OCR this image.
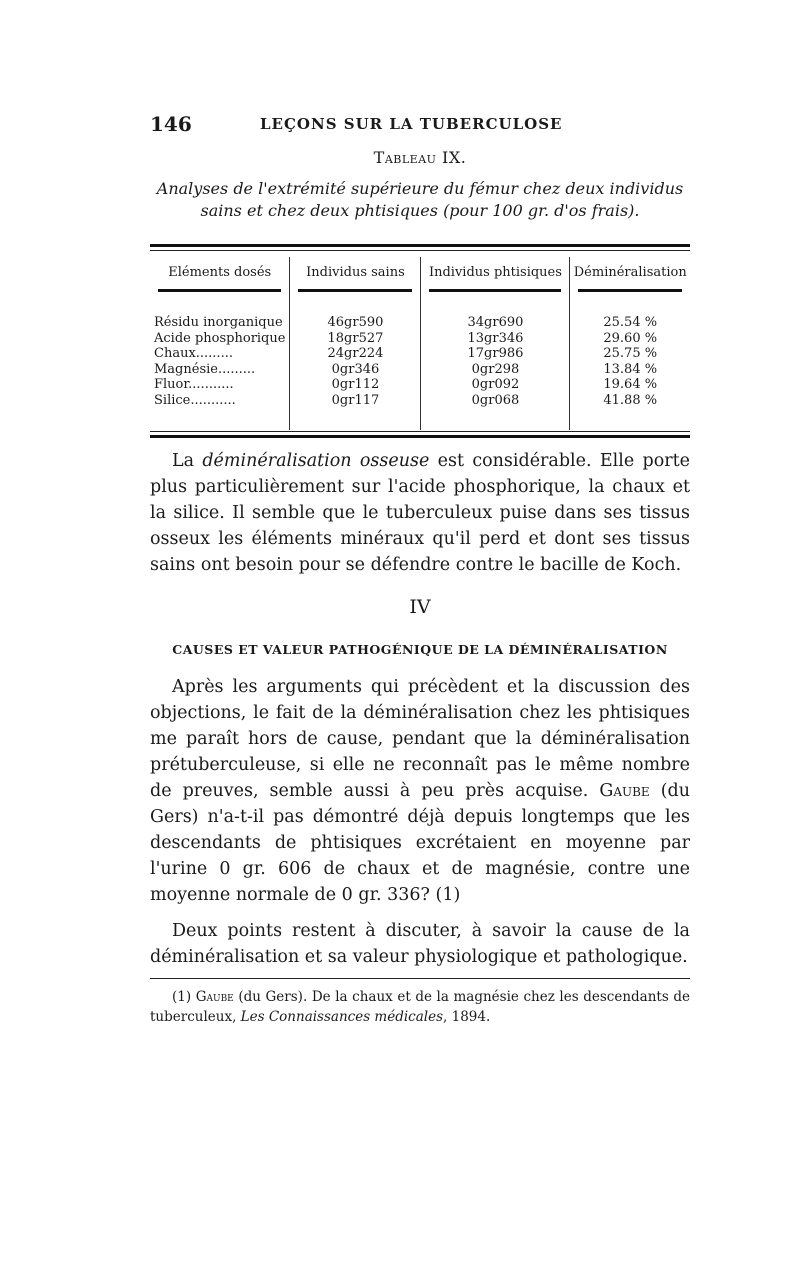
146	LEÇONS SUR LA TUBERCULOSE
Tableau IX.
Analyses de l'extrémité supérieure du fémur chez deux individus sains et chez deux phtisiques (pour 100 gr. d'os frais).
Eléments dosés	Individus sains	Individus phtisiques	Déminéralisation

Résidu inorganique	46gr590	34gr690	25.54 %
Acide phosphorique	18gr527	13gr346	29.60 %
Chaux.........	24gr224	17gr986	25.75 %
Magnésie.........	0gr346	0gr298	13.84 %
Fluor...........	0gr112	0gr092	19.64 %
Silice...........	0gr117	0gr068	41.88 %

La déminéralisation osseuse est considérable. Elle porte plus particulièrement sur l'acide phosphorique, la chaux et la silice. Il semble que le tuberculeux puise dans ses tissus osseux les éléments minéraux qu'il perd et dont ses tissus sains ont besoin pour se défendre contre le bacille de Koch.
IV
CAUSES ET VALEUR PATHOGÉNIQUE DE LA DÉMINÉRALISATION
Après les arguments qui précèdent et la discussion des objections, le fait de la déminéralisation chez les phtisiques me paraît hors de cause, pendant que la déminéralisation prétuberculeuse, si elle ne reconnaît pas le même nombre de preuves, semble aussi à peu près acquise. Gaube (du Gers) n'a-t-il pas démontré déjà depuis longtemps que les descendants de phtisiques excrétaient en moyenne par l'urine 0 gr. 606 de chaux et de magnésie, contre une moyenne normale de 0 gr. 336? (1)
Deux points restent à discuter, à savoir la cause de la déminéralisation et sa valeur physiologique et pathologique.
(1) Gaube (du Gers). De la chaux et de la magnésie chez les descendants de tuberculeux, Les Connaissances médicales, 1894.
